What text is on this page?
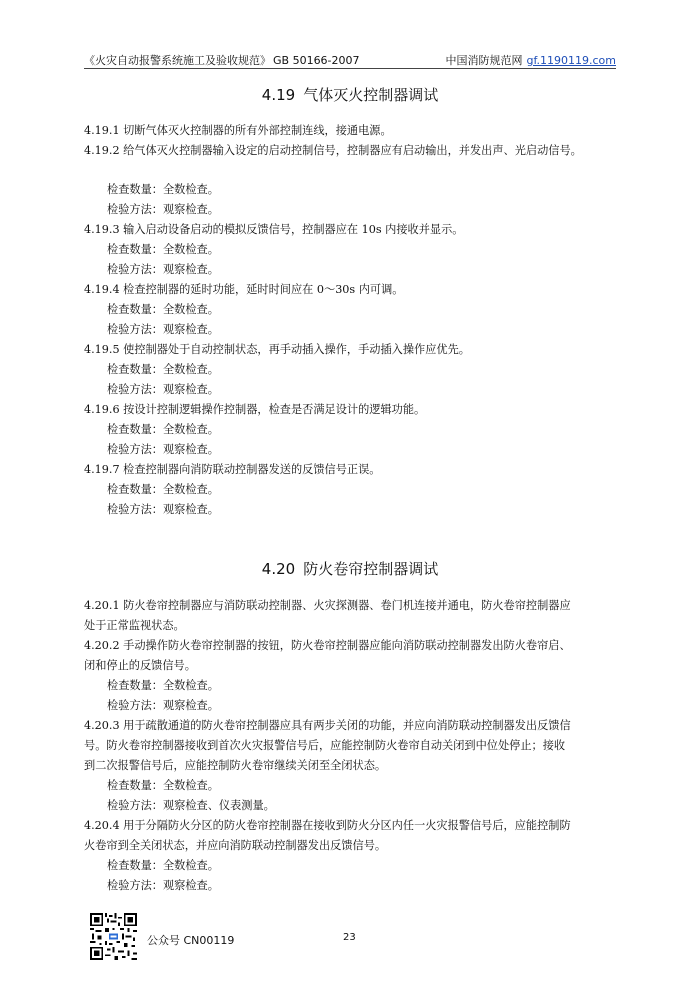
《火灾自动报警系统施工及验收规范》 GB 50166-2007	中国消防规范网 gf.1190119.com
4.19 气体灭火控制器调试
4.19.1 切断气体灭火控制器的所有外部控制连线，接通电源。
4.19.2 给气体灭火控制器输入设定的启动控制信号，控制器应有启动输出，并发出声、光启动信号。
检查数量：全数检查。
检验方法：观察检查。
4.19.3 输入启动设备启动的模拟反馈信号，控制器应在 10s 内接收并显示。
检查数量：全数检查。
检验方法：观察检查。
4.19.4 检查控制器的延时功能，延时时间应在 0～30s 内可调。
检查数量：全数检查。
检验方法：观察检查。
4.19.5 使控制器处于自动控制状态，再手动插入操作，手动插入操作应优先。
检查数量：全数检查。
检验方法：观察检查。
4.19.6 按设计控制逻辑操作控制器，检查是否满足设计的逻辑功能。
检查数量：全数检查。
检验方法：观察检查。
4.19.7 检查控制器向消防联动控制器发送的反馈信号正误。
检查数量：全数检查。
检验方法：观察检查。
4.20 防火卷帘控制器调试
4.20.1 防火卷帘控制器应与消防联动控制器、火灾探测器、卷门机连接并通电，防火卷帘控制器应
处于正常监视状态。
4.20.2 手动操作防火卷帘控制器的按钮，防火卷帘控制器应能向消防联动控制器发出防火卷帘启、
闭和停止的反馈信号。
检查数量：全数检查。
检验方法：观察检查。
4.20.3 用于疏散通道的防火卷帘控制器应具有两步关闭的功能，并应向消防联动控制器发出反馈信
号。防火卷帘控制器接收到首次火灾报警信号后，应能控制防火卷帘自动关闭到中位处停止；接收
到二次报警信号后，应能控制防火卷帘继续关闭至全闭状态。
检查数量：全数检查。
检验方法：观察检查、仪表测量。
4.20.4 用于分隔防火分区的防火卷帘控制器在接收到防火分区内任一火灾报警信号后，应能控制防
火卷帘到全关闭状态，并应向消防联动控制器发出反馈信号。
检查数量：全数检查。
检验方法：观察检查。
公众号 CN00119	23
